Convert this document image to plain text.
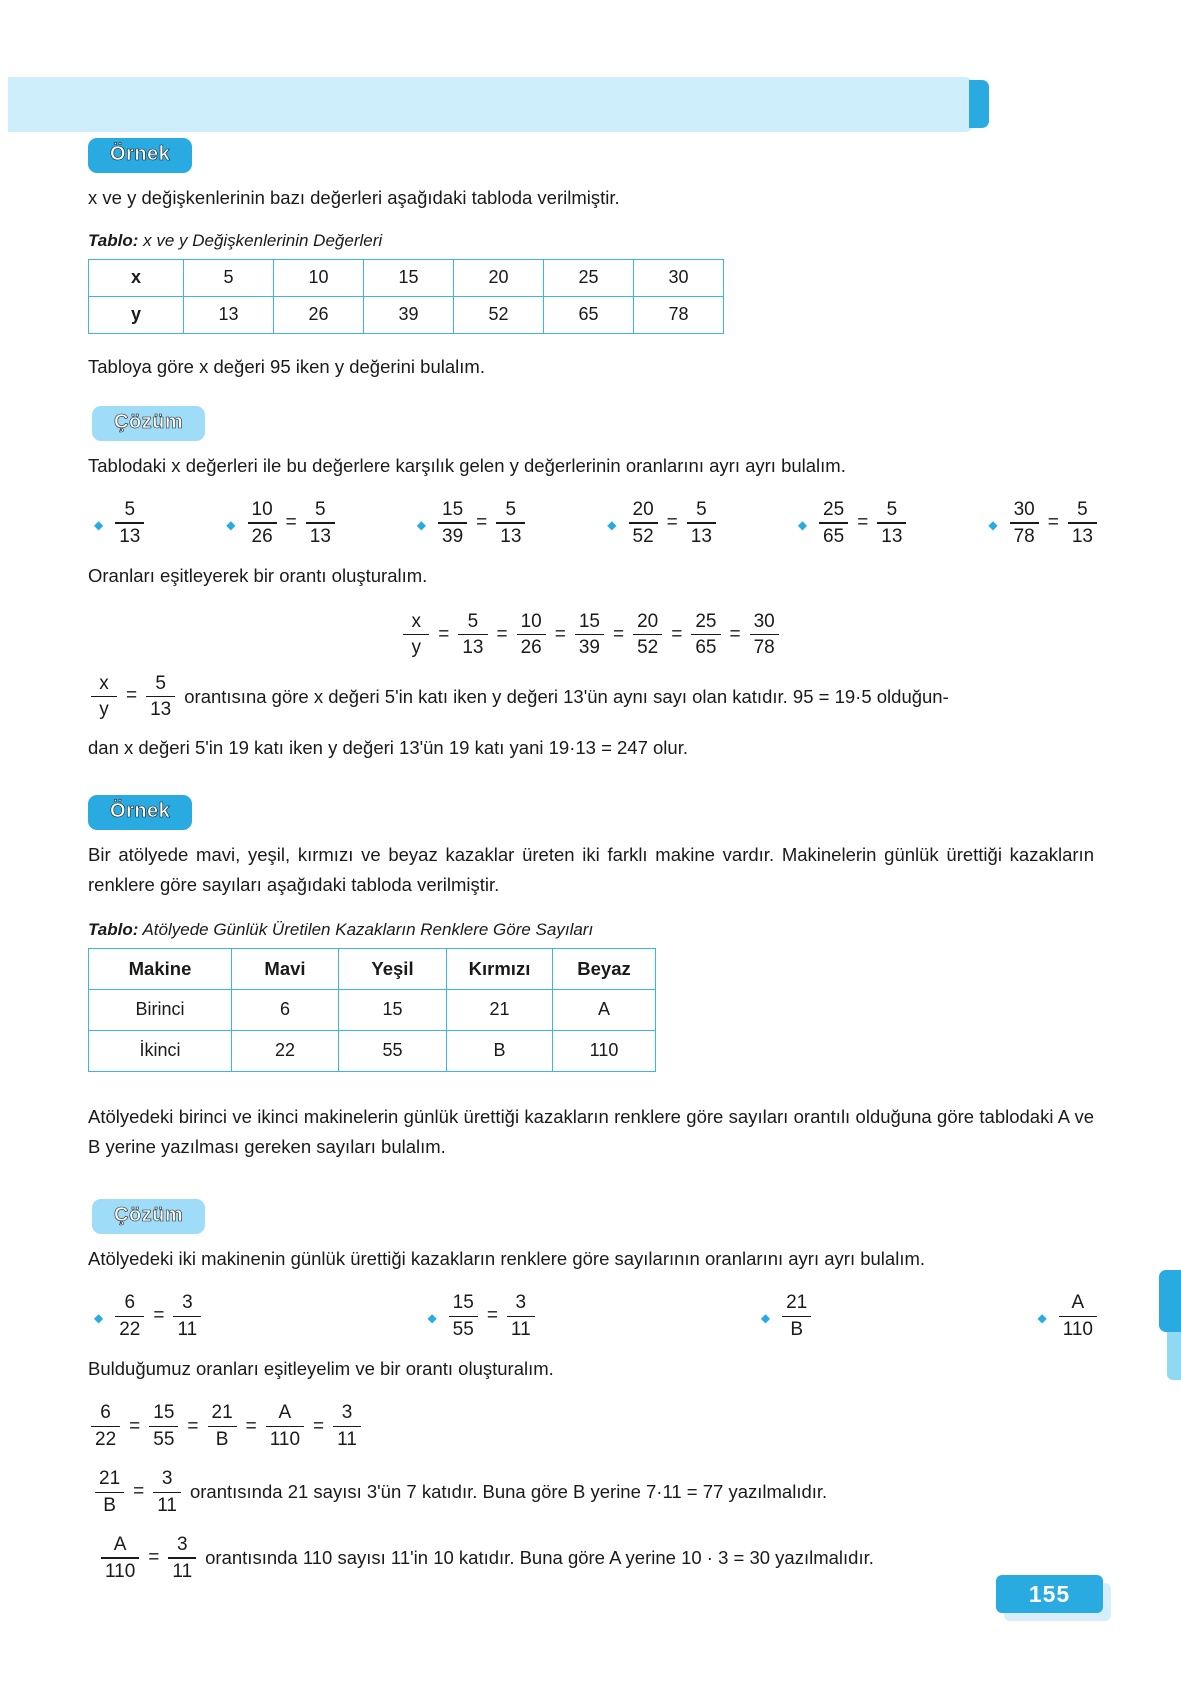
155
Örnek

x ve y değişkenlerinin bazı değerleri aşağıdaki tabloda verilmiştir.

Tablo: x ve y Değişkenlerinin Değerleri
x	5	10	15	20	25	30
y	13	26	39	52	65	78

Tabloya göre x değeri 95 iken y değerini bulalım.

Çözüm

Tablodaki x değerleri ile bu değerlere karşılık gelen y değerlerinin oranlarını ayrı ayrı bulalım.

◆ $\frac{5}{13}$	◆ $\frac{10}{26} = \frac{5}{13}$	◆ $\frac{15}{39} = \frac{5}{13}$	◆ $\frac{20}{52} = \frac{5}{13}$	◆ $\frac{25}{65} = \frac{5}{13}$	◆ $\frac{30}{78} = \frac{5}{13}$

Oranları eşitleyerek bir orantı oluşturalım.

$\frac{x}{y} = \frac{5}{13} = \frac{10}{26} = \frac{15}{39} = \frac{20}{52} = \frac{25}{65} = \frac{30}{78}$
$\frac{x}{y} = \frac{5}{13}$ orantısına göre x değeri 5'in katı iken y değeri 13'ün aynı sayı olan katıdır. 95 = 19·5 olduğun-

dan x değeri 5'in 19 katı iken y değeri 13'ün 19 katı yani 19·13 = 247 olur.

Örnek

Bir atölyede mavi, yeşil, kırmızı ve beyaz kazaklar üreten iki farklı makine vardır. Makinelerin günlük ürettiği kazakların renklere göre sayıları aşağıdaki tabloda verilmiştir.

Tablo: Atölyede Günlük Üretilen Kazakların Renklere Göre Sayıları
Makine	Mavi	Yeşil	Kırmızı	Beyaz
Birinci	6	15	21	A
İkinci	22	55	B	110

Atölyedeki birinci ve ikinci makinelerin günlük ürettiği kazakların renklere göre sayıları orantılı olduğuna göre tablodaki A ve B yerine yazılması gereken sayıları bulalım.

Çözüm

Atölyedeki iki makinenin günlük ürettiği kazakların renklere göre sayılarının oranlarını ayrı ayrı bulalım.

◆ $\frac{6}{22} = \frac{3}{11}$	◆ $\frac{15}{55} = \frac{3}{11}$	◆ $\frac{21}{B}$	◆ $\frac{A}{110}$

Bulduğumuz oranları eşitleyelim ve bir orantı oluşturalım.

$\frac{6}{22} = \frac{15}{55} = \frac{21}{B} = \frac{A}{110} = \frac{3}{11}$
$\frac{21}{B} = \frac{3}{11}$ orantısında 21 sayısı 3'ün 7 katıdır. Buna göre B yerine 7·11 = 77 yazılmalıdır.
$\frac{A}{110} = \frac{3}{11}$ orantısında 110 sayısı 11'in 10 katıdır. Buna göre A yerine 10 · 3 = 30 yazılmalıdır.
